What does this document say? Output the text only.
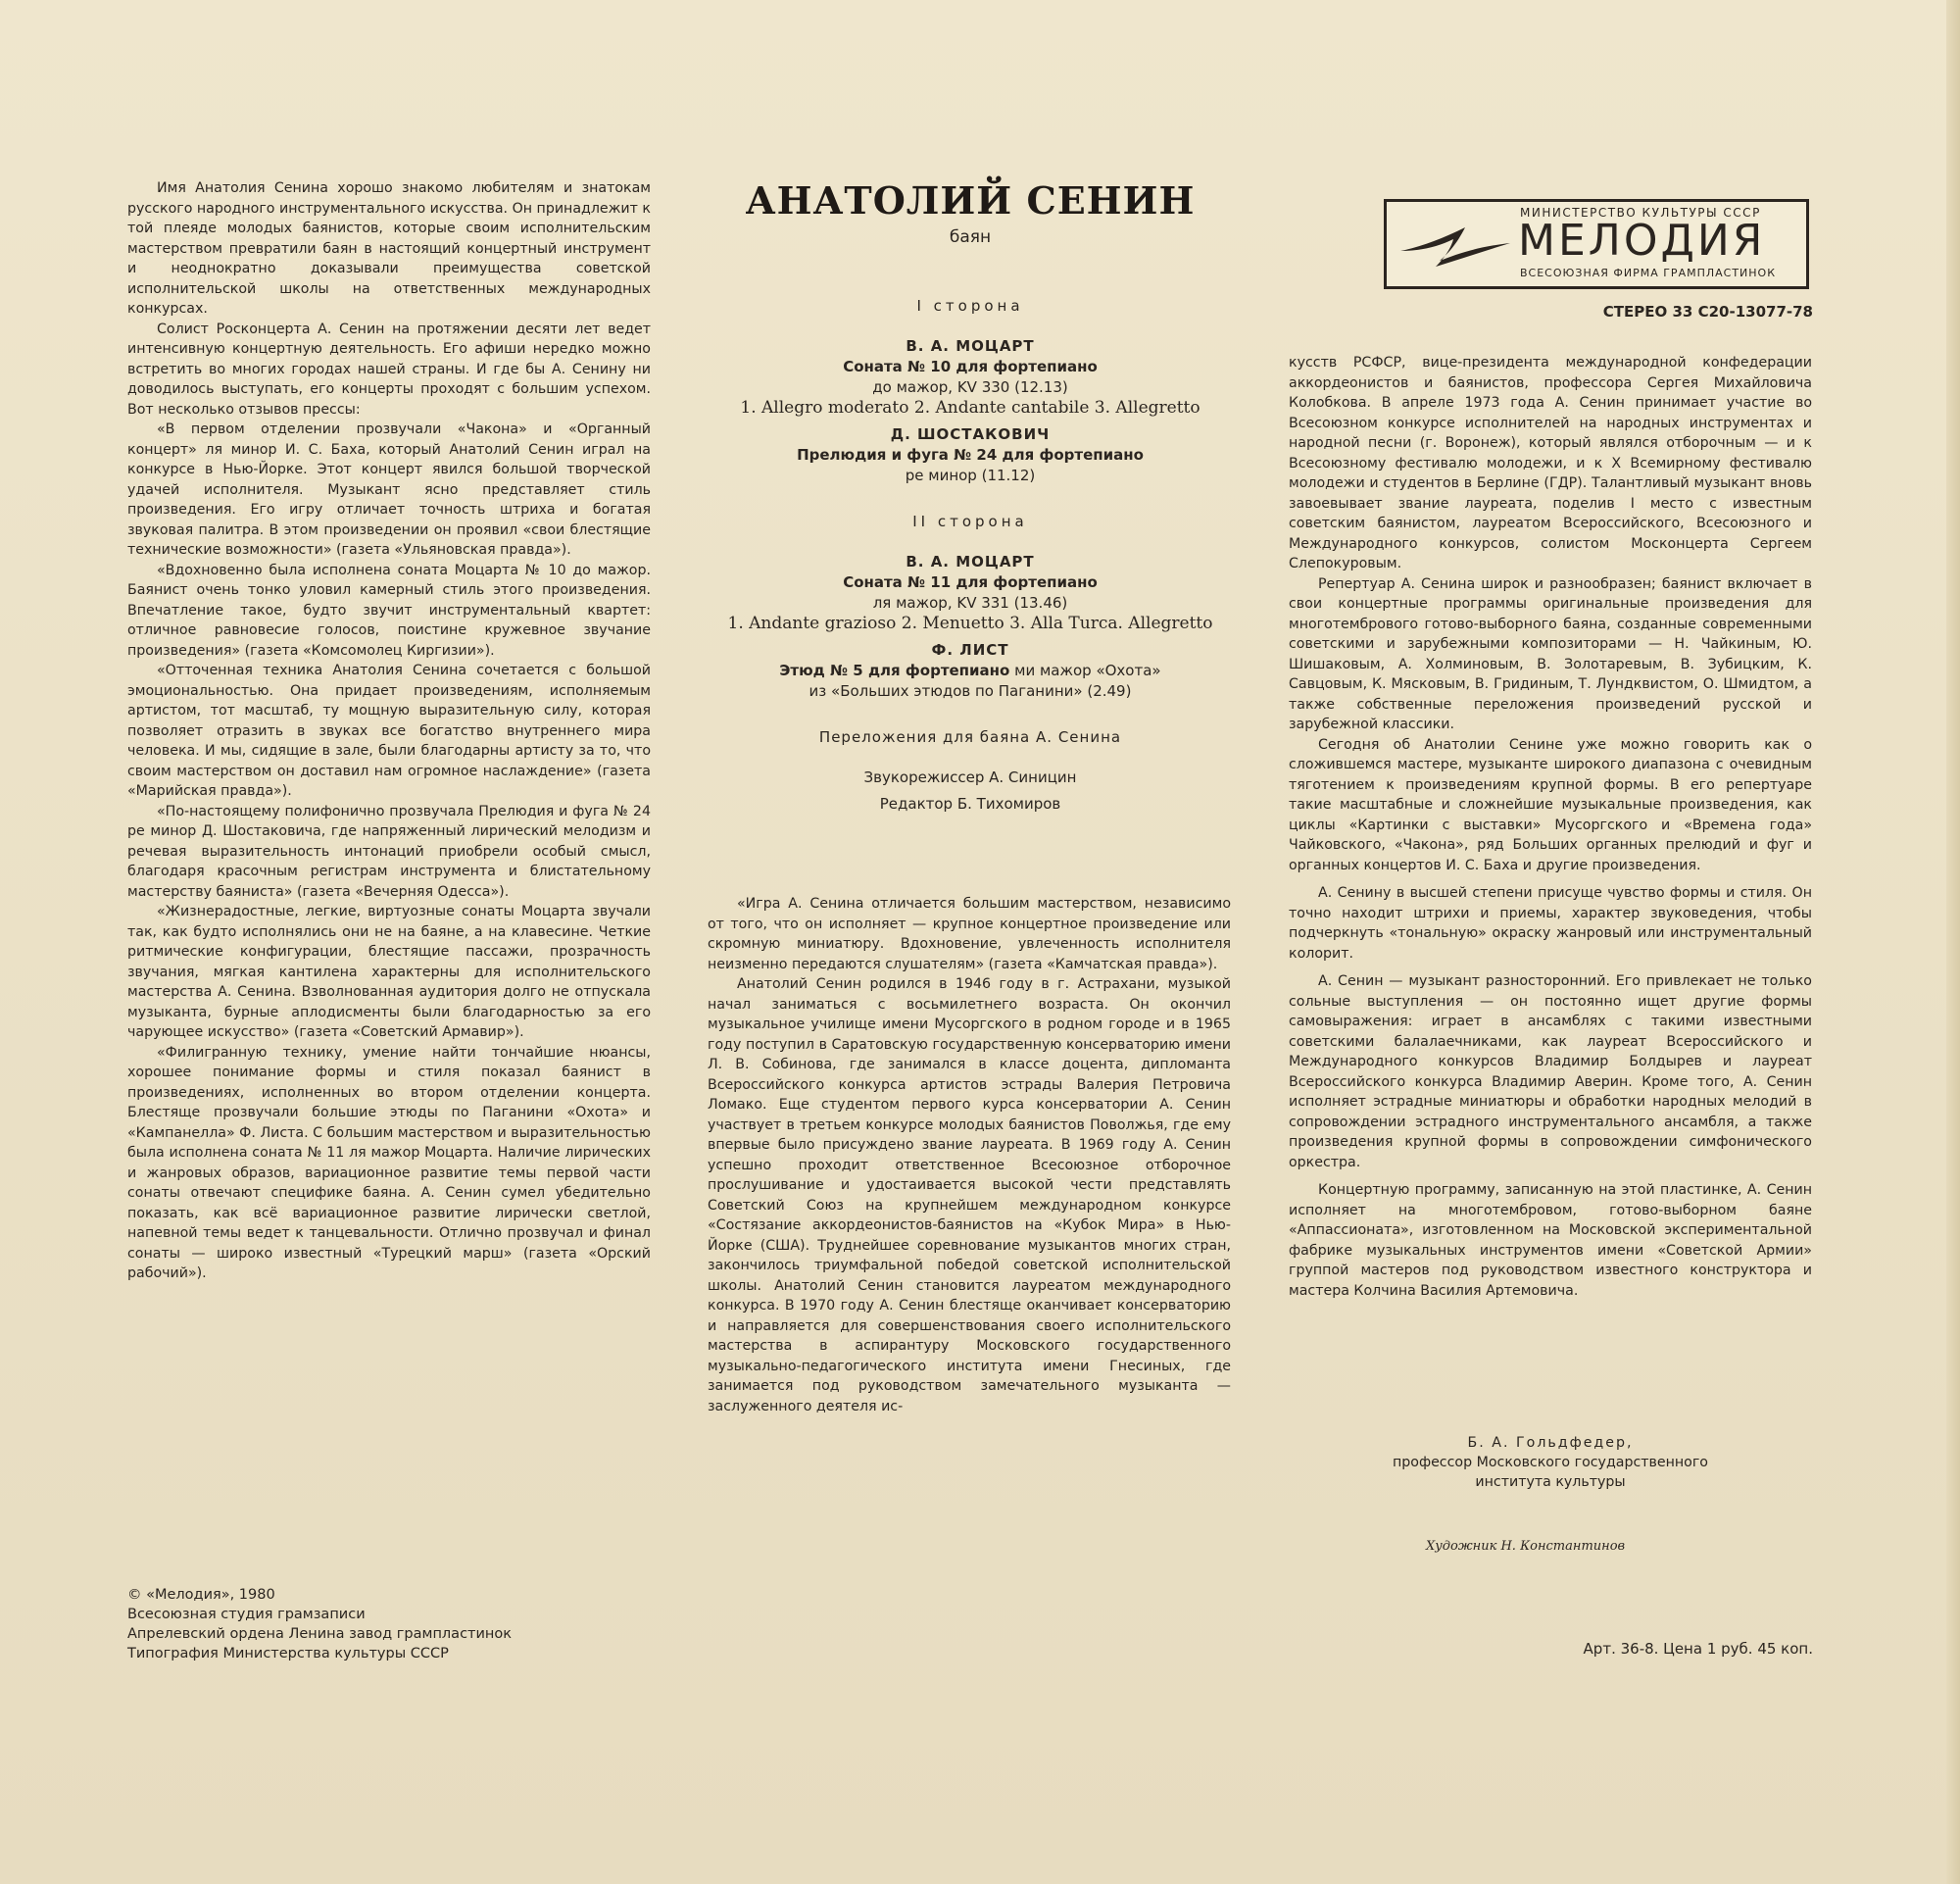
Имя Анатолия Сенина хорошо знакомо любителям и знатокам русского народного инструментального искусства. Он принадлежит к той плеяде молодых баянистов, которые своим исполнительским мастерством превратили баян в настоящий концертный инструмент и неоднократно доказывали преимущества советской исполнительской школы на ответственных международных конкурсах.

Солист Росконцерта А. Сенин на протяжении десяти лет ведет интенсивную концертную деятельность. Его афиши нередко можно встретить во многих городах нашей страны. И где бы А. Сенину ни доводилось выступать, его концерты проходят с большим успехом. Вот несколько отзывов прессы:

«В первом отделении прозвучали «Чакона» и «Органный концерт» ля минор И. С. Баха, который Анатолий Сенин играл на конкурсе в Нью-Йорке. Этот концерт явился большой творческой удачей исполнителя. Музыкант ясно представляет стиль произведения. Его игру отличает точность штриха и богатая звуковая палитра. В этом произведении он проявил «свои блестящие технические возможности» (газета «Ульяновская правда»).

«Вдохновенно была исполнена соната Моцарта № 10 до мажор. Баянист очень тонко уловил камерный стиль этого произведения. Впечатление такое, будто звучит инструментальный квартет: отличное равновесие голосов, поистине кружевное звучание произведения» (газета «Комсомолец Киргизии»).

«Отточенная техника Анатолия Сенина сочетается с большой эмоциональностью. Она придает произведениям, исполняемым артистом, тот масштаб, ту мощную выразительную силу, которая позволяет отразить в звуках все богатство внутреннего мира человека. И мы, сидящие в зале, были благодарны артисту за то, что своим мастерством он доставил нам огромное наслаждение» (газета «Марийская правда»).

«По-настоящему полифонично прозвучала Прелюдия и фуга № 24 ре минор Д. Шостаковича, где напряженный лирический мелодизм и речевая выразительность интонаций приобрели особый смысл, благодаря красочным регистрам инструмента и блистательному мастерству баяниста» (газета «Вечерняя Одесса»).

«Жизнерадостные, легкие, виртуозные сонаты Моцарта звучали так, как будто исполнялись они не на баяне, а на клавесине. Четкие ритмические конфигурации, блестящие пассажи, прозрачность звучания, мягкая кантилена характерны для исполнительского мастерства А. Сенина. Взволнованная аудитория долго не отпускала музыканта, бурные аплодисменты были благодарностью за его чарующее искусство» (газета «Советский Армавир»).

«Филигранную технику, умение найти тончайшие нюансы, хорошее понимание формы и стиля показал баянист в произведениях, исполненных во втором отделении концерта. Блестяще прозвучали большие этюды по Паганини «Охота» и «Кампанелла» Ф. Листа. С большим мастерством и выразительностью была исполнена соната № 11 ля мажор Моцарта. Наличие лирических и жанровых образов, вариационное развитие темы первой части сонаты отвечают специфике баяна. А. Сенин сумел убедительно показать, как всё вариационное развитие лирически светлой, напевной темы ведет к танцевальности. Отлично прозвучал и финал сонаты — широко известный «Турецкий марш» (газета «Орский рабочий»).

АНАТОЛИЙ СЕНИН
баян
I сторона
В. А. МОЦАРТ
Соната № 10 для фортепиано
до мажор, KV 330 (12.13)
1. Allegro moderato 2. Andante cantabile 3. Allegretto
Д. ШОСТАКОВИЧ
Прелюдия и фуга № 24 для фортепиано
ре минор (11.12)
II сторона
В. А. МОЦАРТ
Соната № 11 для фортепиано
ля мажор, KV 331 (13.46)
1. Andante grazioso 2. Menuetto 3. Alla Turca. Allegretto
Ф. ЛИСТ
Этюд № 5 для фортепиано ми мажор «Охота»
из «Больших этюдов по Паганини» (2.49)
Переложения для баяна А. Сенина
Звукорежиссер А. Синицин
Редактор Б. Тихомиров

«Игра А. Сенина отличается большим мастерством, независимо от того, что он исполняет — крупное концертное произведение или скромную миниатюру. Вдохновение, увлеченность исполнителя неизменно передаются слушателям» (газета «Камчатская правда»).

Анатолий Сенин родился в 1946 году в г. Астрахани, музыкой начал заниматься с восьмилетнего возраста. Он окончил музыкальное училище имени Мусоргского в родном городе и в 1965 году поступил в Саратовскую государственную консерваторию имени Л. В. Собинова, где занимался в классе доцента, дипломанта Всероссийского конкурса артистов эстрады Валерия Петровича Ломако. Еще студентом первого курса консерватории А. Сенин участвует в третьем конкурсе молодых баянистов Поволжья, где ему впервые было присуждено звание лауреата. В 1969 году А. Сенин успешно проходит ответственное Всесоюзное отборочное прослушивание и удостаивается высокой чести представлять Советский Союз на крупнейшем международном конкурсе «Состязание аккордеонистов-баянистов на «Кубок Мира» в Нью-Йорке (США). Труднейшее соревнование музыкантов многих стран, закончилось триумфальной победой советской исполнительской школы. Анатолий Сенин становится лауреатом международного конкурса. В 1970 году А. Сенин блестяще оканчивает консерваторию и направляется для совершенствования своего исполнительского мастерства в аспирантуру Московского государственного музыкально-педагогического института имени Гнесиных, где занимается под руководством замечательного музыканта — заслуженного деятеля ис-

МИНИСТЕРСТВО КУЛЬТУРЫ СССР
МЕЛОДИЯ
ВСЕСОЮЗНАЯ ФИРМА ГРАМПЛАСТИНОК
СТЕРЕО 33 С20-13077-78

кусств РСФСР, вице-президента международной конфедерации аккордеонистов и баянистов, профессора Сергея Михайловича Колобкова. В апреле 1973 года А. Сенин принимает участие во Всесоюзном конкурсе исполнителей на народных инструментах и народной песни (г. Воронеж), который являлся отборочным — и к Всесоюзному фестивалю молодежи, и к X Всемирному фестивалю молодежи и студентов в Берлине (ГДР). Талантливый музыкант вновь завоевывает звание лауреата, поделив I место с известным советским баянистом, лауреатом Всероссийского, Всесоюзного и Международного конкурсов, солистом Москонцерта Сергеем Слепокуровым.

Репертуар А. Сенина широк и разнообразен; баянист включает в свои концертные программы оригинальные произведения для многотембрового готово-выборного баяна, созданные современными советскими и зарубежными композиторами — Н. Чайкиным, Ю. Шишаковым, А. Холминовым, В. Золотаревым, В. Зубицким, К. Савцовым, К. Мясковым, В. Гридиным, Т. Лундквистом, О. Шмидтом, а также собственные переложения произведений русской и зарубежной классики.

Сегодня об Анатолии Сенине уже можно говорить как о сложившемся мастере, музыканте широкого диапазона с очевидным тяготением к произведениям крупной формы. В его репертуаре такие масштабные и сложнейшие музыкальные произведения, как циклы «Картинки с выставки» Мусоргского и «Времена года» Чайковского, «Чакона», ряд Больших органных прелюдий и фуг и органных концертов И. С. Баха и другие произведения.

А. Сенину в высшей степени присуще чувство формы и стиля. Он точно находит штрихи и приемы, характер звуковедения, чтобы подчеркнуть «тональную» окраску жанровый или инструментальный колорит.

А. Сенин — музыкант разносторонний. Его привлекает не только сольные выступления — он постоянно ищет другие формы самовыражения: играет в ансамблях с такими известными советскими балалаечниками, как лауреат Всероссийского и Международного конкурсов Владимир Болдырев и лауреат Всероссийского конкурса Владимир Аверин. Кроме того, А. Сенин исполняет эстрадные миниатюры и обработки народных мелодий в сопровождении эстрадного инструментального ансамбля, а также произведения крупной формы в сопровождении симфонического оркестра.

Концертную программу, записанную на этой пластинке, А. Сенин исполняет на многотембровом, готово-выборном баяне «Аппассионата», изготовленном на Московской экспериментальной фабрике музыкальных инструментов имени «Советской Армии» группой мастеров под руководством известного конструктора и мастера Колчина Василия Артемовича.

Б. А. Гольдфедер,
профессор Московского государственного
института культуры
Художник Н. Константинов
Арт. 36-8. Цена 1 руб. 45 коп.
© «Мелодия», 1980
Всесоюзная студия грамзаписи
Апрелевский ордена Ленина завод грампластинок
Типография Министерства культуры СССР
